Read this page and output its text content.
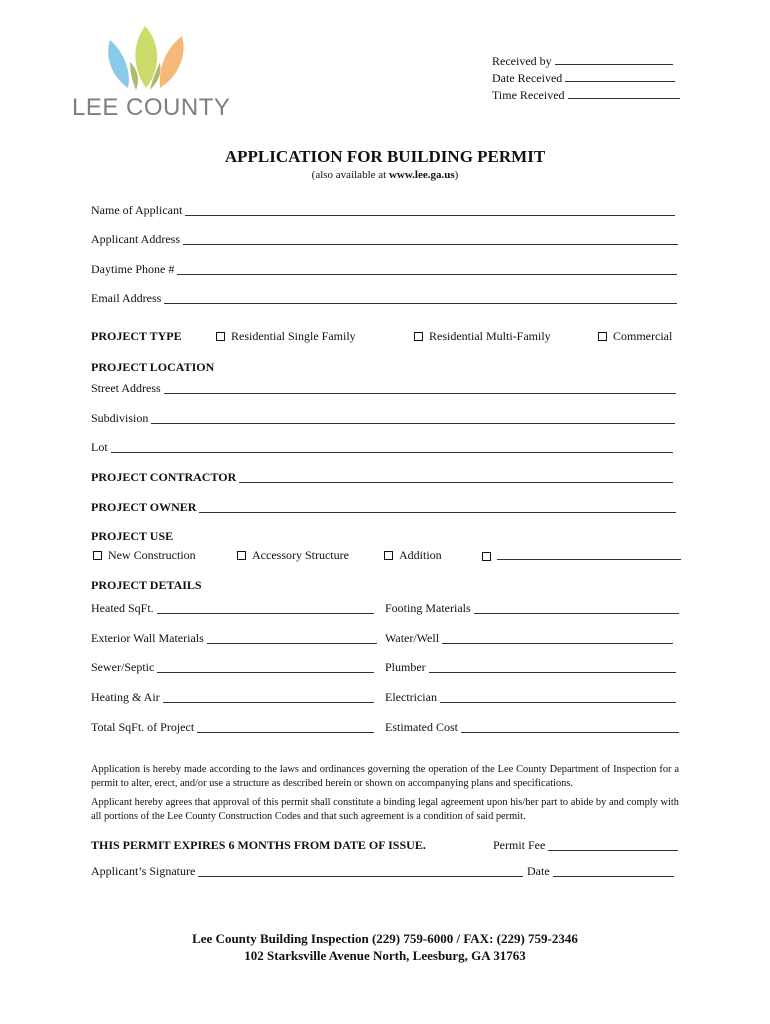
LEE COUNTY
Received by
Date Received
Time Received
APPLICATION FOR BUILDING PERMIT
(also available at www.lee.ga.us)
Name of Applicant
Applicant Address
Daytime Phone #
Email Address
PROJECT TYPE	Residential Single Family	Residential Multi-Family	Commercial
PROJECT LOCATION
Street Address
Subdivision
Lot
PROJECT CONTRACTOR
PROJECT OWNER
PROJECT USE
New Construction	Accessory Structure	Addition
PROJECT DETAILS
Heated SqFt.	Footing Materials
Exterior Wall Materials	Water/Well
Sewer/Septic	Plumber
Heating & Air	Electrician
Total SqFt. of Project	Estimated Cost
Application is hereby made according to the laws and ordinances governing the operation of the Lee County Department of Inspection for a permit to alter, erect, and/or use a structure as described herein or shown on accompanying plans and specifications.
Applicant hereby agrees that approval of this permit shall constitute a binding legal agreement upon his/her part to abide by and comply with all portions of the Lee County Construction Codes and that such agreement is a condition of said permit.
THIS PERMIT EXPIRES 6 MONTHS FROM DATE OF ISSUE.	Permit Fee
Applicant’s Signature	Date
Lee County Building Inspection (229) 759-6000 / FAX: (229) 759-2346
102 Starksville Avenue North, Leesburg, GA 31763
